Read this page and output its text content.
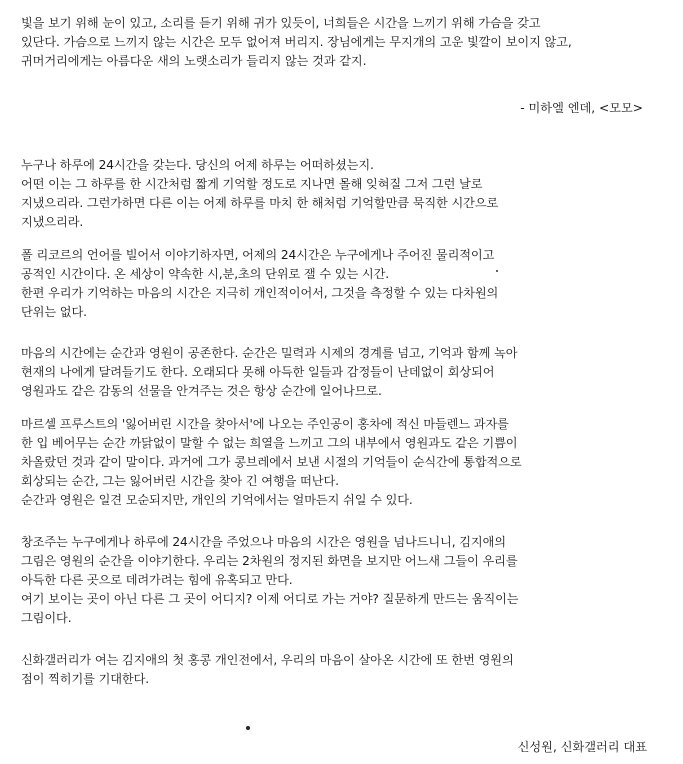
빛을 보기 위해 눈이 있고, 소리를 듣기 위해 귀가 있듯이, 너희들은 시간을 느끼기 위해 가슴을 갖고
있단다. 가슴으로 느끼지 않는 시간은 모두 없어져 버리지. 장님에게는 무지개의 고운 빛깔이 보이지 않고,
귀머거리에게는 아름다운 새의 노랫소리가 들리지 않는 것과 같지.
- 미하엘 엔데, <모모>
누구나 하루에 24시간을 갖는다. 당신의 어제 하루는 어떠하셨는지.
어떤 이는 그 하루를 한 시간처럼 짧게 기억할 정도로 지나면 몰해 잊혀질 그저 그런 날로
지냈으리라. 그런가하면 다른 이는 어제 하루를 마치 한 해처럼 기억할만큼 묵직한 시간으로
지냈으리라.
폴 리코르의 언어를 빌어서 이야기하자면, 어제의 24시간은 누구에게나 주어진 물리적이고
공적인 시간이다. 온 세상이 약속한 시,분,초의 단위로 잴 수 있는 시간.
한편 우리가 기억하는 마음의 시간은 지극히 개인적이어서, 그것을 측정할 수 있는 다차원의
단위는 없다.
마음의 시간에는 순간과 영원이 공존한다. 순간은 밀력과 시제의 경계를 넘고, 기억과 함께 녹아
현재의 나에게 달려들기도 한다. 오래되다 못해 아득한 일들과 감정들이 난데없이 회상되어
영원과도 같은 감동의 선물을 안겨주는 것은 항상 순간에 일어나므로.
마르셀 프루스트의 '잃어버린 시간을 찾아서'에 나오는 주인공이 홍차에 적신 마들렌느 과자를
한 입 베어무는 순간 까닭없이 말할 수 없는 희열을 느끼고 그의 내부에서 영원과도 같은 기쁨이
차올랐던 것과 같이 말이다. 과거에 그가 콩브레에서 보낸 시절의 기억들이 순식간에 통합적으로
회상되는 순간, 그는 잃어버린 시간을 찾아 긴 여행을 떠난다.
순간과 영원은 일견 모순되지만, 개인의 기억에서는 얼마든지 쉬일 수 있다.
창조주는 누구에게나 하루에 24시간을 주었으나 마음의 시간은 영원을 넘나드니니, 김지애의
그림은 영원의 순간을 이야기한다. 우리는 2차원의 정지된 화면을 보지만 어느새 그들이 우리를
아득한 다른 곳으로 데려가려는 힘에 유혹되고 만다.
여기 보이는 곳이 아닌 다른 그 곳이 어디지? 이제 어디로 가는 거야? 질문하게 만드는 움직이는
그림이다.
신화갤러리가 여는 김지애의 첫 홍콩 개인전에서, 우리의 마음이 살아온 시간에 또 한번 영원의
점이 찍히기를 기대한다.
신성원, 신화갤러리 대표
